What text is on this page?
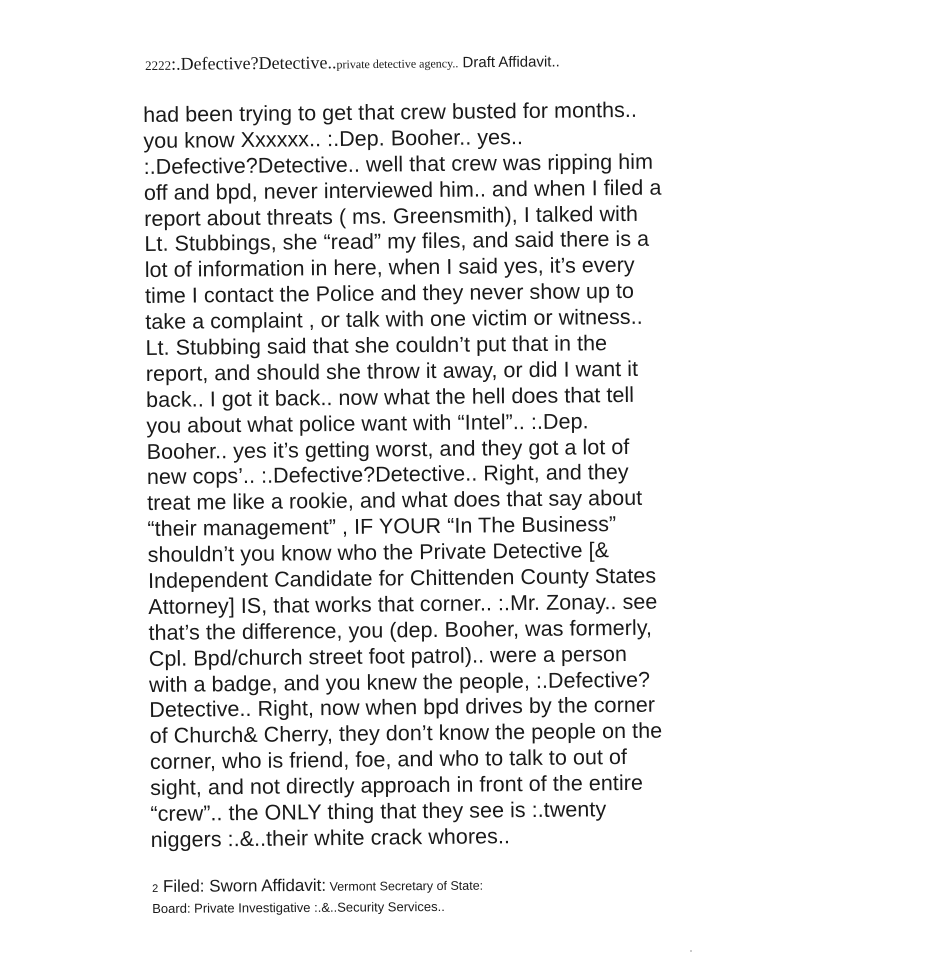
2222:.Defective?Detective..private detective agency.. Draft Affidavit..
had been trying to get that crew busted for months..
you know Xxxxxx.. :.Dep. Booher.. yes..
:.Defective?Detective.. well that crew was ripping him
off and bpd, never interviewed him.. and when I filed a
report about threats ( ms. Greensmith), I talked with
Lt. Stubbings, she “read” my files, and said there is a
lot of information in here, when I said yes, it’s every
time I contact the Police and they never show up to
take a complaint , or talk with one victim or witness..
Lt. Stubbing said that she couldn’t put that in the
report, and should she throw it away, or did I want it
back.. I got it back.. now what the hell does that tell
you about what police want with “Intel”.. :.Dep.
Booher.. yes it’s getting worst, and they got a lot of
new cops’.. :.Defective?Detective.. Right, and they
treat me like a rookie, and what does that say about
“their management” , IF YOUR “In The Business”
shouldn’t you know who the Private Detective [&
Independent Candidate for Chittenden County States
Attorney] IS, that works that corner.. :.Mr. Zonay.. see
that’s the difference, you (dep. Booher, was formerly,
Cpl. Bpd/church street foot patrol).. were a person
with a badge, and you knew the people, :.Defective?
Detective.. Right, now when bpd drives by the corner
of Church& Cherry, they don’t know the people on the
corner, who is friend, foe, and who to talk to out of
sight, and not directly approach in front of the entire
“crew”.. the ONLY thing that they see is :.twenty
niggers :.&..their white crack whores..
2 Filed: Sworn Affidavit: Vermont Secretary of State:
Board: Private Investigative :.&..Security Services..
